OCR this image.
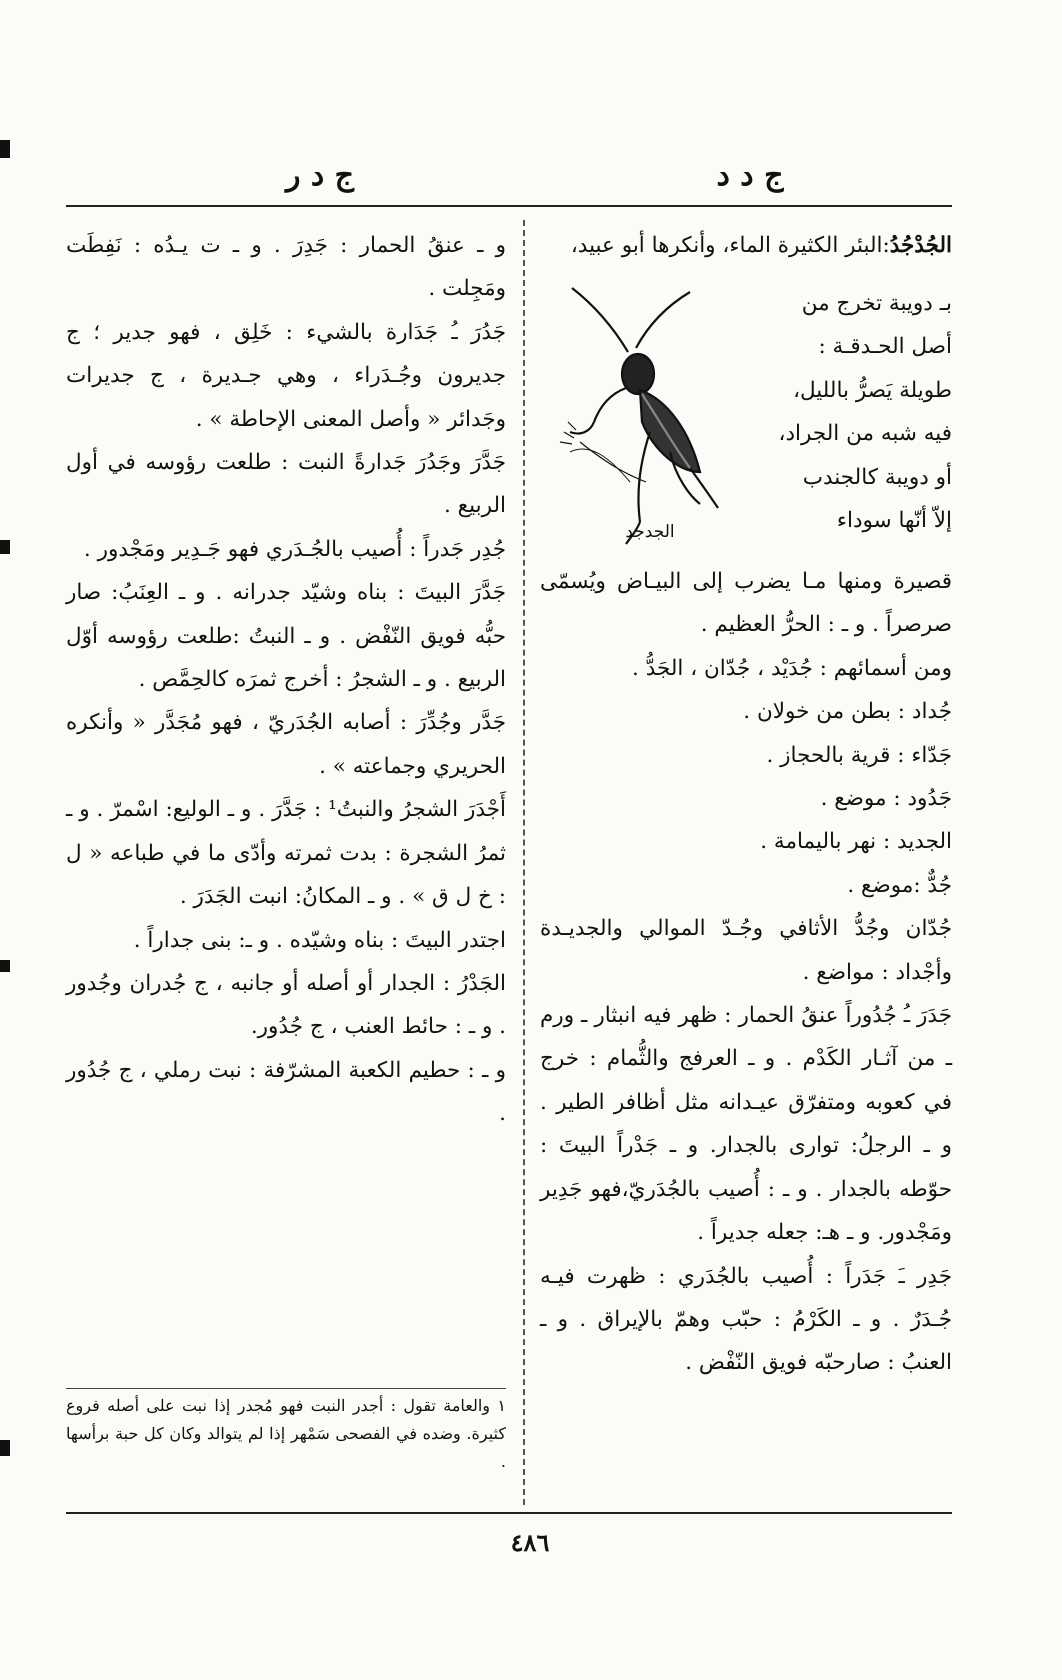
ج د د
ج د ر

الجُدْجُدُ:البئر الكثيرة الماء، وأنكرها أبو عبيد،

بـ دويبة تخرج من

أصل الحـدقـة :

طويلة يَصرُّ بالليل،

فيه شبه من الجراد،

أو دويبة كالجندب

إلاّ أنّها سوداء

الجدجد

قصيرة ومنها مـا يضرب إلى البيـاض ويُسمّى صرصراً . و ـ : الحرُّ العظيم .

ومن أسمائهم : جُدَيْد ، جُدّان ، الجَدُّ .

جُداد : بطن من خولان .

جَدّاء : قرية بالحجاز .

جَدُود : موضع .

الجديد : نهر باليمامة .

جُدٌّ :موضع .

جُدّان وجُدُّ الأثافي وجُـدّ الموالي والجديـدة وأجْداد : مواضع .

جَدَرَ ـُ جُدُوراً عنقُ الحمار : ظهر فيه انبثار ـ ورم ـ من آثـار الكَدْم . و ـ العرفج والثُّمام : خرج في كعوبه ومتفرّق عيـدانه مثل أظافر الطير . و ـ الرجلُ: توارى بالجدار. و ـ جَدْراً البيتَ : حوّطه بالجدار . و ـ : أُصيب بالجُدَريّ،فهو جَدِير ومَجْدور. و ـ هـ: جعله جديراً .

جَدِر ـَ جَدَراً : أُصيب بالجُدَري : ظهرت فيـه جُـدَرٌ . و ـ الكَرْمُ : حبّب وهمّ بالإيراق . و ـ العنبُ : صارحبّه فويق النّفْض .

و ـ عنقُ الحمار : جَدِرَ . و ـ ت يـدُه : نَفِطَت ومَجِلت .

جَدُرَ ـُ جَدَارة بالشيء : خَلِق ، فهو جدير ؛ ج جديرون وجُـدَراء ، وهي جـديرة ، ج جديرات وجَدائر « وأصل المعنى الإحاطة » .

جَدَّرَ وجَدُرَ جَدارةً النبت : طلعت رؤوسه في أول الربيع .

جُدِر جَدراً : أُصيب بالجُـدَري فهو جَـدِير ومَجْدور .

جَدَّرَ البيتَ : بناه وشيّد جدرانه . و ـ العِنَبُ: صار حبُّه فويق النّفْض . و ـ النبتُ :طلعت رؤوسه أوّل الربيع . و ـ الشجرُ : أخرج ثمرَه كالحِمَّص .

جَدَّر وجُدِّرَ : أصابه الجُدَريّ ، فهو مُجَدَّر « وأنكره الحريري وجماعته » .

أَجْدَرَ الشجرُ والنبتُ¹ : جَدَّرَ . و ـ الوليع: اسْمرّ . و ـ ثمرُ الشجرة : بدت ثمرته وأدّى ما في طباعه « ل : خ ل ق » . و ـ المكانُ: انبت الجَدَرَ .

اجتدر البيتَ : بناه وشيّده . و ـ: بنى جداراً .

الجَدْرُ : الجدار أو أصله أو جانبه ، ج جُدران وجُدور . و ـ : حائط العنب ، ج جُدُور.

و ـ : حطيم الكعبة المشرّفة : نبت رملي ، ج جُدُور .

١ والعامة تقول : أجدر النبت فهو مُجدر إذا نبت على أصله فروع كثيرة. وضده في الفصحى سَمْهر إذا لم يتوالد وكان كل حبة برأسها .
٤٨٦
